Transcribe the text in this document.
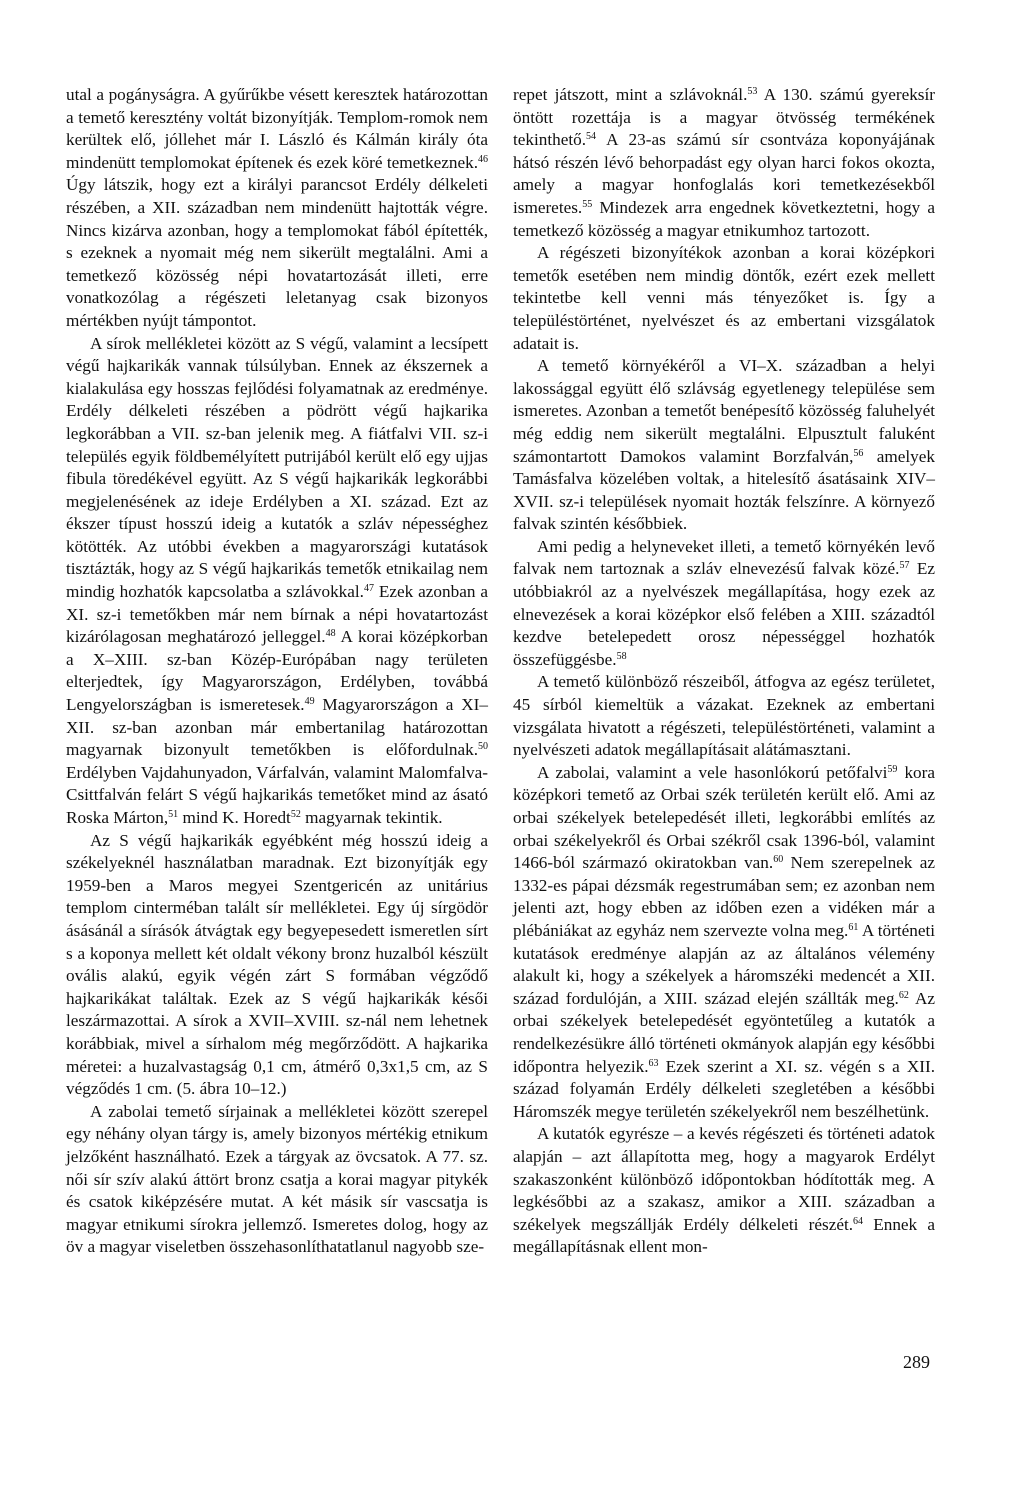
utal a pogányságra. A gyűrűkbe vésett keresztek határozottan a temető keresztény voltát bizonyítják. Templom-romok nem kerültek elő, jóllehet már I. László és Kálmán király óta mindenütt templomokat építenek és ezek köré temetkeznek.$^{46}$ Úgy látszik, hogy ezt a királyi parancsot Erdély délkeleti részében, a XII. században nem mindenütt hajtották végre. Nincs kizárva azonban, hogy a templomokat fából építették, s ezeknek a nyomait még nem sikerült megtalálni. Ami a temetkező közösség népi hovatartozását illeti, erre vonatkozólag a régészeti leletanyag csak bizonyos mértékben nyújt támpontot.

A sírok mellékletei között az S végű, valamint a lecsípett végű hajkarikák vannak túlsúlyban. Ennek az ékszernek a kialakulása egy hosszas fejlődési folyamatnak az eredménye. Erdély délkeleti részében a pödrött végű hajkarika legkorábban a VII. sz-ban jelenik meg. A fiátfalvi VII. sz-i település egyik földbemélyített putrijából került elő egy ujjas fibula töredékével együtt. Az S végű hajkarikák legkorábbi megjelenésének az ideje Erdélyben a XI. század. Ezt az ékszer típust hosszú ideig a kutatók a szláv népességhez kötötték. Az utóbbi években a magyarországi kutatások tisztázták, hogy az S végű hajkarikás temetők etnikailag nem mindig hozhatók kapcsolatba a szlávokkal.$^{47}$ Ezek azonban a XI. sz-i temetőkben már nem bírnak a népi hovatartozást kizárólagosan meghatározó jelleggel.$^{48}$ A korai középkorban a X–XIII. sz-ban Közép-Európában nagy területen elterjedtek, így Magyarországon, Erdélyben, továbbá Lengyelországban is ismeretesek.$^{49}$ Magyarországon a XI–XII. sz-ban azonban már embertanilag határozottan magyarnak bizonyult temetőkben is előfordulnak.$^{50}$ Erdélyben Vajdahunyadon, Várfalván, valamint Malomfalva-Csittfalván felárt S végű hajkarikás temetőket mind az ásató Roska Márton,$^{51}$ mind K. Horedt$^{52}$ magyarnak tekintik.

Az S végű hajkarikák egyébként még hosszú ideig a székelyeknél használatban maradnak. Ezt bizonyítják egy 1959-ben a Maros megyei Szentgericén az unitárius templom cinterméban talált sír mellékletei. Egy új sírgödör ásásánál a sírásók átvágtak egy begyepesedett ismeretlen sírt s a koponya mellett két oldalt vékony bronz huzalból készült ovális alakú, egyik végén zárt S formában végződő hajkarikákat találtak. Ezek az S végű hajkarikák késői leszármazottai. A sírok a XVII–XVIII. sz-nál nem lehetnek korábbiak, mivel a sírhalom még megőrződött. A hajkarika méretei: a huzalvastagság 0,1 cm, átmérő 0,3x1,5 cm, az S végződés 1 cm. (5. ábra 10–12.)

A zabolai temető sírjainak a mellékletei között szerepel egy néhány olyan tárgy is, amely bizonyos mértékig etnikum jelzőként használható. Ezek a tárgyak az övcsatok. A 77. sz. női sír szív alakú áttört bronz csatja a korai magyar pitykék és csatok kiképzésére mutat. A két másik sír vascsatja is magyar etnikumi sírokra jellemző. Ismeretes dolog, hogy az öv a magyar viseletben összehasonlíthatatlanul nagyobb sze-

repet játszott, mint a szlávoknál.$^{53}$ A 130. számú gyereksír öntött rozettája is a magyar ötvösség termékének tekinthető.$^{54}$ A 23-as számú sír csontváza koponyájának hátsó részén lévő behorpadást egy olyan harci fokos okozta, amely a magyar honfoglalás kori temetkezésekből ismeretes.$^{55}$ Mindezek arra engednek következtetni, hogy a temetkező közösség a magyar etnikumhoz tartozott.

A régészeti bizonyítékok azonban a korai középkori temetők esetében nem mindig döntők, ezért ezek mellett tekintetbe kell venni más tényezőket is. Így a településtörténet, nyelvészet és az embertani vizsgálatok adatait is.

A temető környékéről a VI–X. században a helyi lakossággal együtt élő szlávság egyetlenegy települése sem ismeretes. Azonban a temetőt benépesítő közösség faluhelyét még eddig nem sikerült megtalálni. Elpusztult faluként számontartott Damokos valamint Borzfalván,$^{56}$ amelyek Tamásfalva közelében voltak, a hitelesítő ásatásaink XIV–XVII. sz-i települések nyomait hozták felszínre. A környező falvak szintén későbbiek.

Ami pedig a helyneveket illeti, a temető környékén levő falvak nem tartoznak a szláv elnevezésű falvak közé.$^{57}$ Ez utóbbiakról az a nyelvészek megállapítása, hogy ezek az elnevezések a korai középkor első felében a XIII. századtól kezdve betelepedett orosz népességgel hozhatók összefüggésbe.$^{58}$

A temető különböző részeiből, átfogva az egész területet, 45 sírból kiemeltük a vázakat. Ezeknek az embertani vizsgálata hivatott a régészeti, településtörténeti, valamint a nyelvészeti adatok megállapításait alátámasztani.

A zabolai, valamint a vele hasonlókorú petőfalvi$^{59}$ kora középkori temető az Orbai szék területén került elő. Ami az orbai székelyek betelepedését illeti, legkorábbi említés az orbai székelyekről és Orbai székről csak 1396-ból, valamint 1466-ból származó okiratokban van.$^{60}$ Nem szerepelnek az 1332-es pápai dézsmák regestrumában sem; ez azonban nem jelenti azt, hogy ebben az időben ezen a vidéken már a plébániákat az egyház nem szervezte volna meg.$^{61}$ A történeti kutatások eredménye alapján az az általános vélemény alakult ki, hogy a székelyek a háromszéki medencét a XII. század fordulóján, a XIII. század elején szállták meg.$^{62}$ Az orbai székelyek betelepedését egyöntetűleg a kutatók a rendelkezésükre álló történeti okmányok alapján egy későbbi időpontra helyezik.$^{63}$ Ezek szerint a XI. sz. végén s a XII. század folyamán Erdély délkeleti szegletében a későbbi Háromszék megye területén székelyekről nem beszélhetünk.

A kutatók egyrésze – a kevés régészeti és történeti adatok alapján – azt állapította meg, hogy a magyarok Erdélyt szakaszonként különböző időpontokban hódították meg. A legkésőbbi az a szakasz, amikor a XIII. században a székelyek megszállják Erdély délkeleti részét.$^{64}$ Ennek a megállapításnak ellent mon-

289
